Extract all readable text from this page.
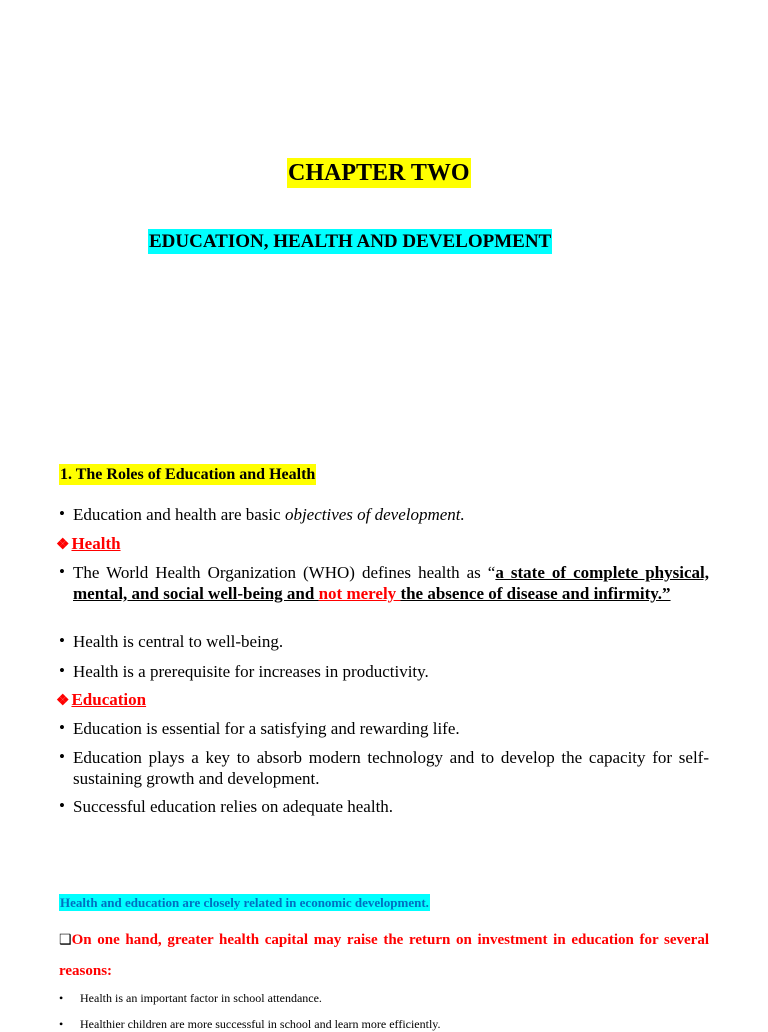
CHAPTER TWO
EDUCATION, HEALTH AND DEVELOPMENT
1. The Roles of Education and Health
• Education and health are basic objectives of development.
❖ Health
• The World Health Organization (WHO) defines health as “a state of complete physical, mental, and social well-being and not merely the absence of disease and infirmity.”
• Health is central to well-being.
• Health is a prerequisite for increases in productivity.
❖ Education
• Education is essential for a satisfying and rewarding life.
• Education plays a key to absorb modern technology and to develop the capacity for self-sustaining growth and development.
• Successful education relies on adequate health.
Health and education are closely related in economic development.
❑On one hand, greater health capital may raise the return on investment in education for several reasons:
• Health is an important factor in school attendance.
• Healthier children are more successful in school and learn more efficiently.
